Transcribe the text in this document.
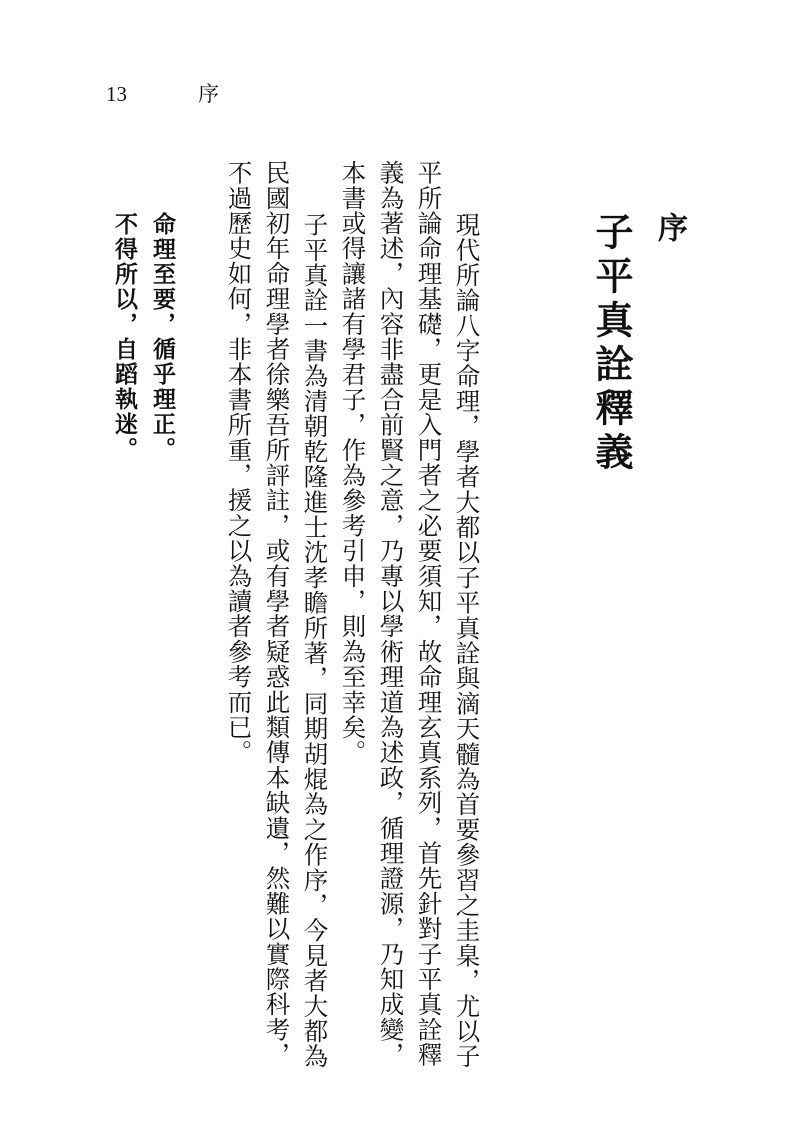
13	序
序
子平真詮釋義
現代所論八字命理，學者大都以子平真詮與滴天髓為首要參習之圭臬，尤以子
平所論命理基礎，更是入門者之必要須知，故命理玄真系列，首先針對子平真詮釋
義為著述，內容非盡合前賢之意，乃專以學術理道為述政，循理證源，乃知成變，
本書或得讓諸有學君子，作為參考引申，則為至幸矣。
子平真詮一書為清朝乾隆進士沈孝瞻所著，同期胡焜為之作序，今見者大都為
民國初年命理學者徐樂吾所評註，或有學者疑惑此類傳本缺遺，然難以實際科考，
不過歷史如何，非本書所重，援之以為讀者參考而已。
命理至要，循乎理正。
不得所以，自蹈執迷。
